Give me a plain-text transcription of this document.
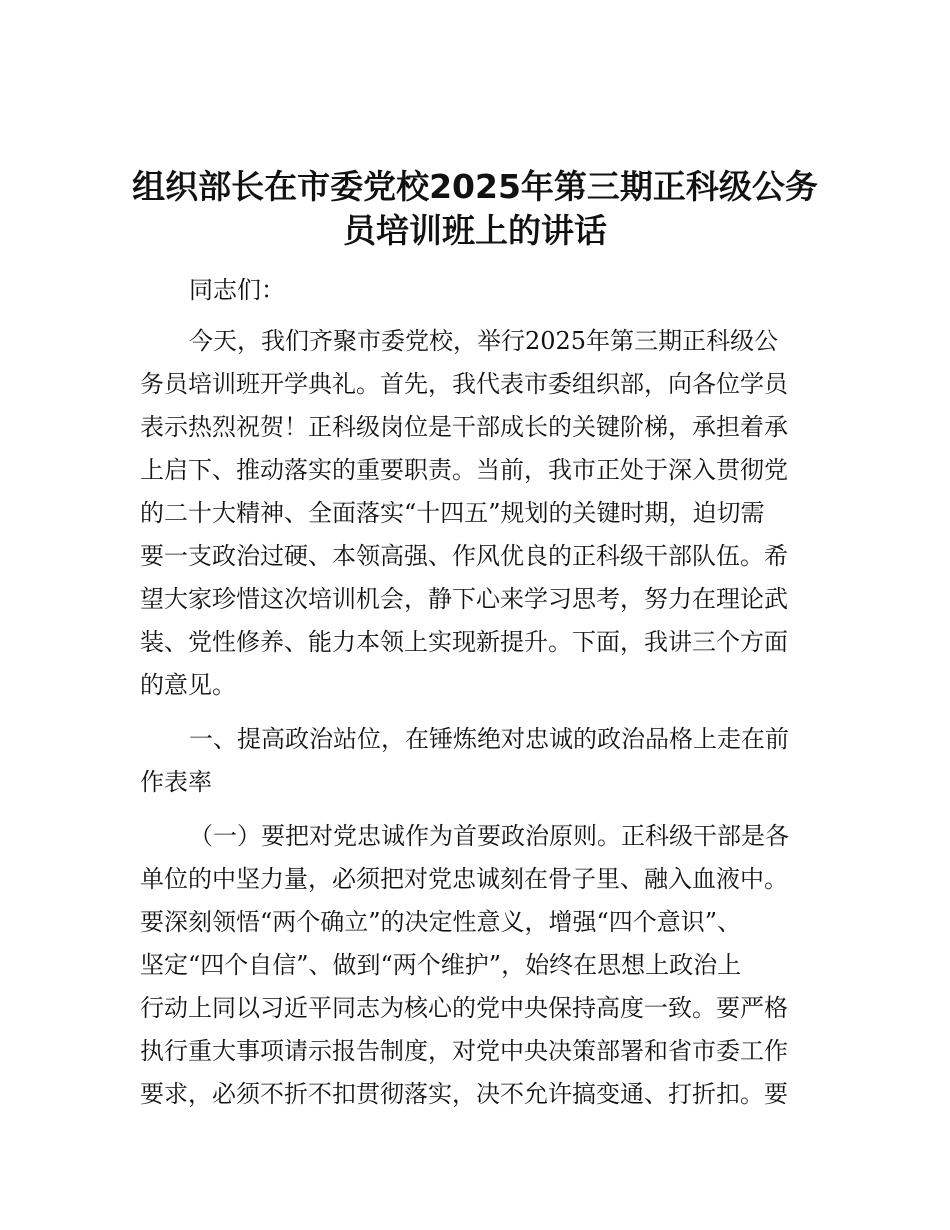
组织部长在市委党校2025年第三期正科级公务
员培训班上的讲话

同志们：

今天，我们齐聚市委党校，举行2025年第三期正科级公

务员培训班开学典礼。首先，我代表市委组织部，向各位学员

表示热烈祝贺！正科级岗位是干部成长的关键阶梯，承担着承

上启下、推动落实的重要职责。当前，我市正处于深入贯彻党

的二十大精神、全面落实“十四五”规划的关键时期，迫切需

要一支政治过硬、本领高强、作风优良的正科级干部队伍。希

望大家珍惜这次培训机会，静下心来学习思考，努力在理论武

装、党性修养、能力本领上实现新提升。下面，我讲三个方面

的意见。

一、提高政治站位，在锤炼绝对忠诚的政治品格上走在前

作表率

（一）要把对党忠诚作为首要政治原则。正科级干部是各

单位的中坚力量，必须把对党忠诚刻在骨子里、融入血液中。

要深刻领悟“两个确立”的决定性意义，增强“四个意识”、

坚定“四个自信”、做到“两个维护”，始终在思想上政治上

行动上同以习近平同志为核心的党中央保持高度一致。要严格

执行重大事项请示报告制度，对党中央决策部署和省市委工作

要求，必须不折不扣贯彻落实，决不允许搞变通、打折扣。要
